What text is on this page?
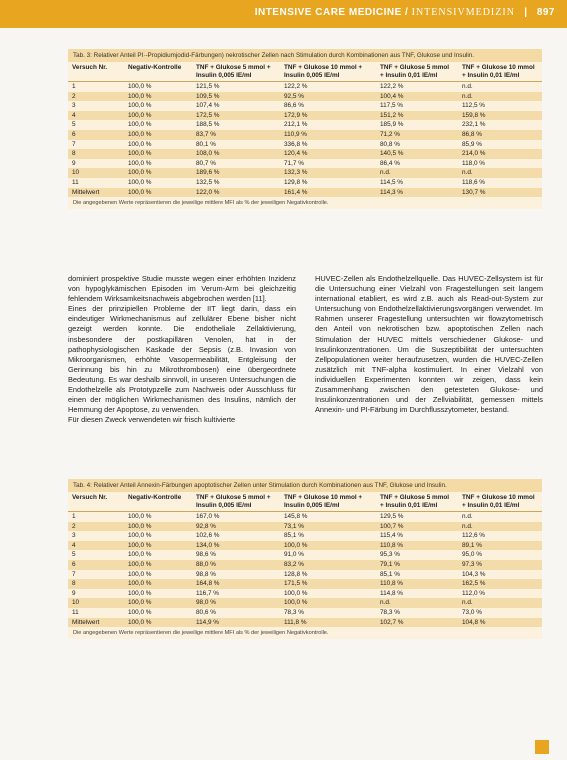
INTENSIVE CARE MEDICINE / INTENSIVMEDIZIN | 897
Tab. 3: Relativer Anteil PI·-Propidiumjodid-Färbungen) nekrotischer Zellen nach Stimulation durch Kombinationen aus TNF, Glukose und Insulin.
Versuch Nr.	Negativ-Kontrolle	TNF + Glukose 5 mmol + Insulin 0,005 IE/ml	TNF + Glukose 10 mmol + Insulin 0,005 IE/ml	TNF + Glukose 5 mmol + Insulin 0,01 IE/ml	TNF + Glukose 10 mmol + Insulin 0,01 IE/ml
1	100,0 %	121,5 %	122,2 %	122,2 %	n.d.
2	100,0 %	109,5 %	92,5 %	100,4 %	n.d.
3	100,0 %	107,4 %	86,6 %	117,5 %	112,5 %
4	100,0 %	172,5 %	172,9 %	151,2 %	159,8 %
5	100,0 %	188,5 %	212,1 %	185,9 %	232,1 %
6	100,0 %	83,7 %	110,9 %	71,2 %	86,8 %
7	100,0 %	80,1 %	336,8 %	80,8 %	85,9 %
8	100,0 %	108,0 %	120,4 %	140,5 %	214,0 %
9	100,0 %	80,7 %	71,7 %	86,4 %	118,0 %
10	100,0 %	189,6 %	132,3 %	n.d.	n.d.
11	100,0 %	132,5 %	129,8 %	114,5 %	118,6 %
Mittelwert	100,0 %	122,0 %	161,4 %	114,3 %	130,7 %
Die angegebenen Werte repräsentieren die jeweilige mittlere MFI als % der jeweiligen Negativkontrolle.

dominiert prospektive Studie musste wegen einer erhöhten Inzidenz von hypoglykämischen Episoden im Verum-Arm bei gleichzeitig fehlendem Wirksamkeitsnachweis abgebrochen werden [11].

Eines der prinzipiellen Probleme der IIT liegt darin, dass ein eindeutiger Wirkmechanismus auf zellulärer Ebene bisher nicht gezeigt werden konnte. Die endotheliale Zellaktivierung, insbesondere der postkapillären Venolen, hat in der pathophysiologischen Kaskade der Sepsis (z.B. Invasion von Mikroorganismen, erhöhte Vasopermeabilität, Entgleisung der Gerinnung bis hin zu Mikrothrombosen) eine übergeordnete Bedeutung. Es war deshalb sinnvoll, in unseren Untersuchungen die Endothelzelle als Prototypzelle zum Nachweis oder Ausschluss für einen der möglichen Wirkmechanismen des Insulins, nämlich der Hemmung der Apoptose, zu verwenden.

Für diesen Zweck verwendeten wir frisch kultivierte

HUVEC-Zellen als Endothelzellquelle. Das HUVEC-Zellsystem ist für die Untersuchung einer Vielzahl von Fragestellungen seit langem international etabliert, es wird z.B. auch als Read-out-System zur Untersuchung von Endothelzellaktivierungsvorgängen verwendet. Im Rahmen unserer Fragestellung untersuchten wir flowzytometrisch den Anteil von nekrotischen bzw. apoptotischen Zellen nach Stimulation der HUVEC mittels verschiedener Glukose- und Insulinkonzentrationen. Um die Suszeptibilität der untersuchten Zellpopulationen weiter heraufzusetzen, wurden die HUVEC-Zellen zusätzlich mit TNF-alpha kostimuliert. In einer Vielzahl von individuellen Experimenten konnten wir zeigen, dass kein Zusammenhang zwischen den getesteten Glukose- und Insulinkonzentrationen und der Zellviabilität, gemessen mittels Annexin- und PI-Färbung im Durchflusszytometer, bestand.

Tab. 4: Relativer Anteil Annexin-Färbungen apoptotischer Zellen unter Stimulation durch Kombinationen aus TNF, Glukose und Insulin.
Versuch Nr.	Negativ-Kontrolle	TNF + Glukose 5 mmol + Insulin 0,005 IE/ml	TNF + Glukose 10 mmol + Insulin 0,005 IE/ml	TNF + Glukose 5 mmol + Insulin 0,01 IE/ml	TNF + Glukose 10 mmol + Insulin 0,01 IE/ml
1	100,0 %	167,0 %	145,8 %	129,5 %	n.d.
2	100,0 %	92,8 %	73,1 %	100,7 %	n.d.
3	100,0 %	102,6 %	85,1 %	115,4 %	112,6 %
4	100,0 %	134,0 %	100,0 %	110,8 %	89,1 %
5	100,0 %	98,6 %	91,0 %	95,3 %	95,0 %
6	100,0 %	88,0 %	83,2 %	79,1 %	97,3 %
7	100,0 %	98,8 %	128,8 %	85,1 %	104,3 %
8	100,0 %	164,8 %	171,5 %	110,8 %	162,5 %
9	100,0 %	116,7 %	100,0 %	114,8 %	112,0 %
10	100,0 %	98,0 %	100,0 %	n.d.	n.d.
11	100,0 %	80,6 %	78,3 %	78,3 %	73,0 %
Mittelwert	100,0 %	114,9 %	111,8 %	102,7 %	104,8 %
Die angegebenen Werte repräsentieren die jeweilige mittlere MFI als % der jeweiligen Negativkontrolle.
